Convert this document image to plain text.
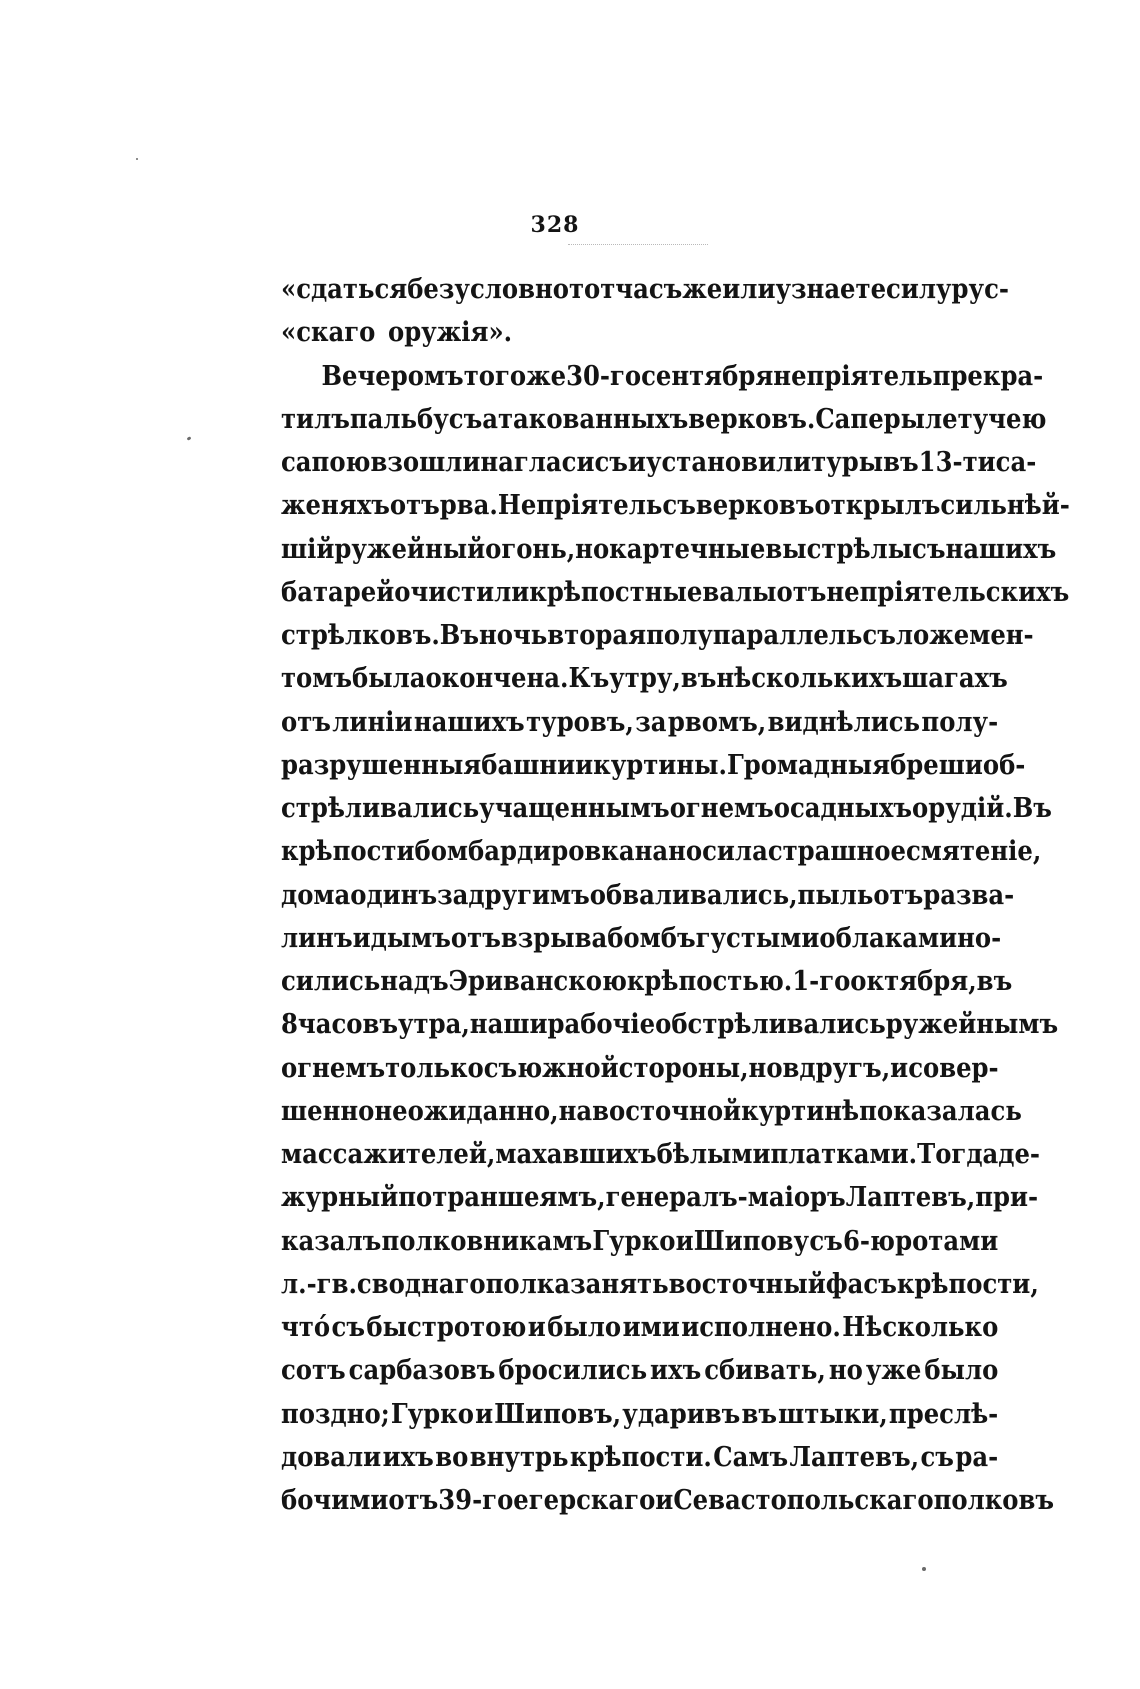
328
«сдаться безусловно тотчасъ же или узнаете силу рус-
«скаго оружія».
Вечеромъ того же 30-го сентября непріятель прекра-
тилъ пальбу съ атакованныхъ верковъ. Саперы летучею
сапою взошли на гласисъ и установили туры въ 13-ти са-
женяхъ отъ рва. Непріятель съ верковъ открылъ сильнѣй-
шій ружейный огонь, но картечные выстрѣлы съ нашихъ
батарей очистили крѣпостные валы отъ непріятельскихъ
стрѣлковъ. Въ ночь вторая полупараллель съ ложемен-
томъ была окончена. Къ утру, въ нѣсколькихъ шагахъ
отъ линіи нашихъ туровъ, за рвомъ, виднѣлись полу-
разрушенныя башни и куртины. Громадныя бреши об-
стрѣливались учащеннымъ огнемъ осадныхъ орудій. Въ
крѣпости бомбардировка наносила страшное смятеніе,
дома одинъ за другимъ обваливались, пыль отъ развa-
линъ и дымъ отъ взрыва бомбъ густыми облаками но-
сились надъ Эриванскою крѣпостью. 1-го октября, въ
8 часовъ утра, наши рабочіе обстрѣливались ружейнымъ
огнемъ только съ южной стороны, но вдругъ, и совер-
шенно неожиданно, на восточной куртинѣ показалась
масса жителей, махавшихъ бѣлыми платками. Тогда де-
журный по траншеямъ, генералъ-маіоръ Лаптевъ, при-
казалъ полковникамъ Гурко и Шипову съ 6-ю ротами
л.-гв. своднаго полка занять восточный фасъ крѣпости,
что́ съ быстротою и было ими исполнено. Нѣсколько
сотъ сарбазовъ бросились ихъ сбивать, но уже было
поздно; Гурко и Шиповъ, ударивъ въ штыки, преслѣ-
довали ихъ во внутрь крѣпости. Самъ Лаптевъ, съ ра-
бочими отъ 39-го егерскаго и Севастопольскаго полковъ
